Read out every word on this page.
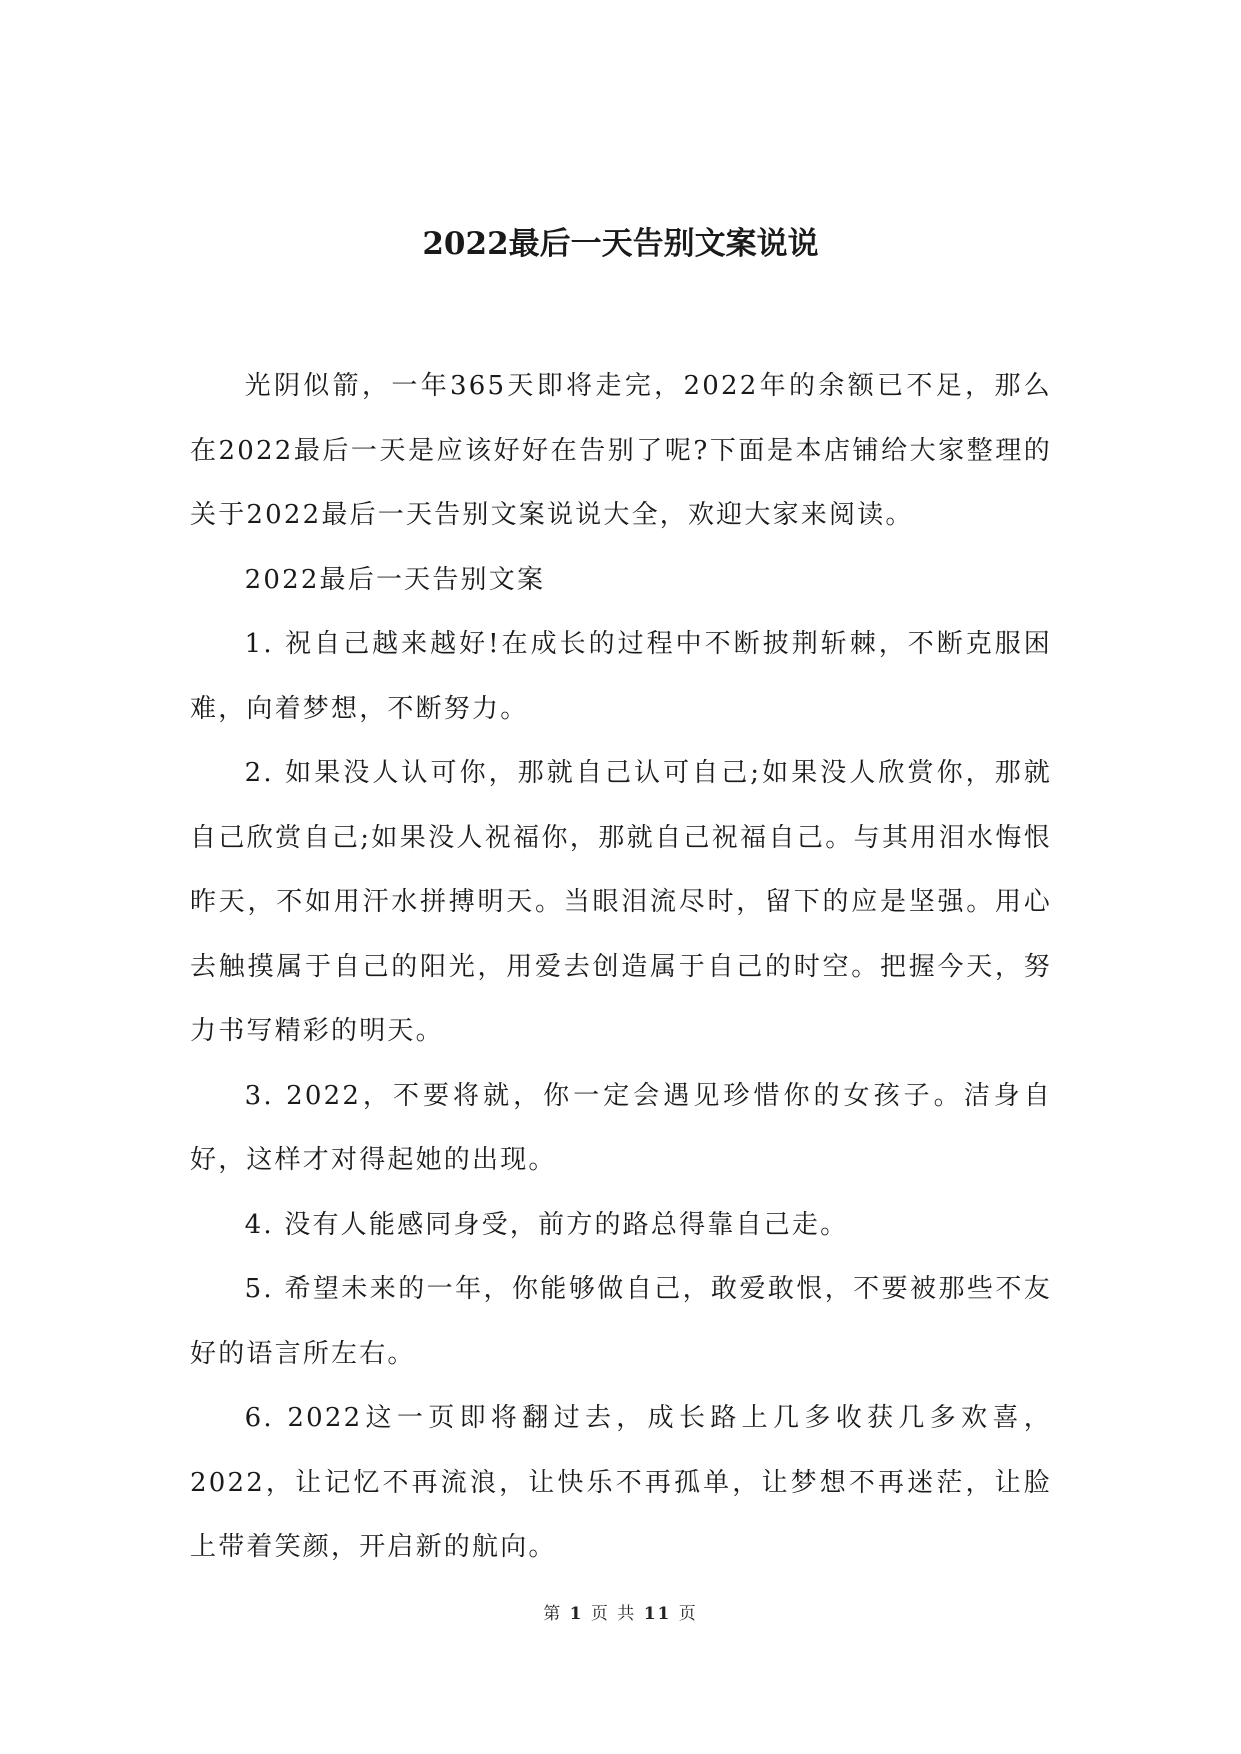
2022最后一天告别文案说说

光阴似箭，一年365天即将走完，2022年的余额已不足，那么在2022最后一天是应该好好在告别了呢?下面是本店铺给大家整理的关于2022最后一天告别文案说说大全，欢迎大家来阅读。

2022最后一天告别文案

1. 祝自己越来越好!在成长的过程中不断披荆斩棘，不断克服困难，向着梦想，不断努力。

2. 如果没人认可你，那就自己认可自己;如果没人欣赏你，那就自己欣赏自己;如果没人祝福你，那就自己祝福自己。与其用泪水悔恨昨天，不如用汗水拼搏明天。当眼泪流尽时，留下的应是坚强。用心去触摸属于自己的阳光，用爱去创造属于自己的时空。把握今天，努力书写精彩的明天。

3. 2022，不要将就，你一定会遇见珍惜你的女孩子。洁身自好，这样才对得起她的出现。

4. 没有人能感同身受，前方的路总得靠自己走。

5. 希望未来的一年，你能够做自己，敢爱敢恨，不要被那些不友好的语言所左右。

6. 2022这一页即将翻过去，成长路上几多收获几多欢喜，2022，让记忆不再流浪，让快乐不再孤单，让梦想不再迷茫，让脸上带着笑颜，开启新的航向。

第 1 页 共 11 页
